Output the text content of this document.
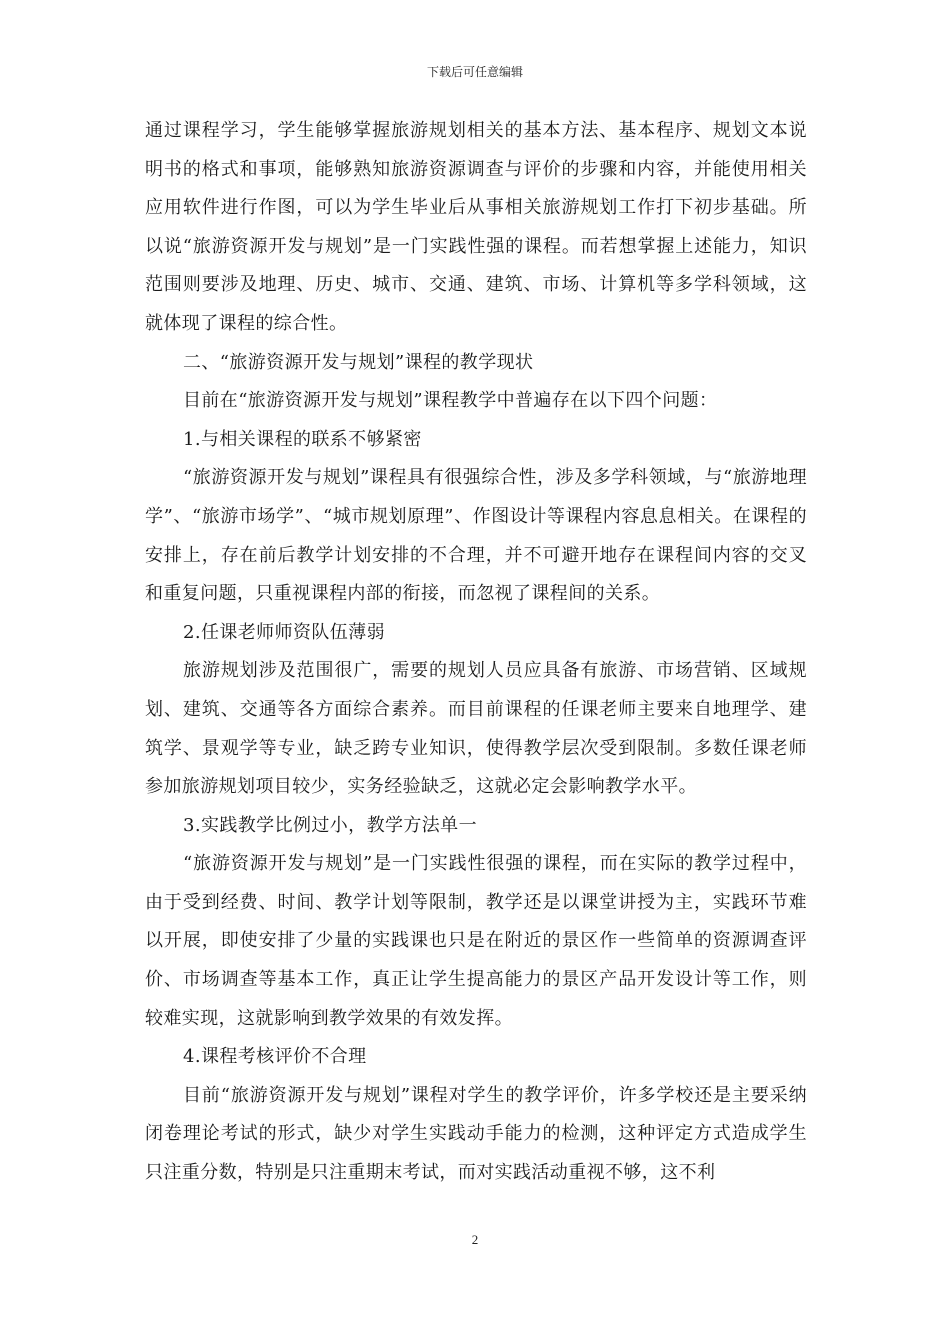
下载后可任意编辑

通过课程学习，学生能够掌握旅游规划相关的基本方法、基本程序、规划文本说明书的格式和事项，能够熟知旅游资源调查与评价的步骤和内容，并能使用相关应用软件进行作图，可以为学生毕业后从事相关旅游规划工作打下初步基础。所以说“旅游资源开发与规划”是一门实践性强的课程。而若想掌握上述能力，知识范围则要涉及地理、历史、城市、交通、建筑、市场、计算机等多学科领域，这就体现了课程的综合性。

二、“旅游资源开发与规划”课程的教学现状

目前在“旅游资源开发与规划”课程教学中普遍存在以下四个问题：

1.与相关课程的联系不够紧密

“旅游资源开发与规划”课程具有很强综合性，涉及多学科领域，与“旅游地理学”、“旅游市场学”、“城市规划原理”、作图设计等课程内容息息相关。在课程的安排上，存在前后教学计划安排的不合理，并不可避开地存在课程间内容的交叉和重复问题，只重视课程内部的衔接，而忽视了课程间的关系。

2.任课老师师资队伍薄弱

旅游规划涉及范围很广，需要的规划人员应具备有旅游、市场营销、区域规划、建筑、交通等各方面综合素养。而目前课程的任课老师主要来自地理学、建筑学、景观学等专业，缺乏跨专业知识，使得教学层次受到限制。多数任课老师参加旅游规划项目较少，实务经验缺乏，这就必定会影响教学水平。

3.实践教学比例过小，教学方法单一

“旅游资源开发与规划”是一门实践性很强的课程，而在实际的教学过程中，由于受到经费、时间、教学计划等限制，教学还是以课堂讲授为主，实践环节难以开展，即使安排了少量的实践课也只是在附近的景区作一些简单的资源调查评价、市场调查等基本工作，真正让学生提高能力的景区产品开发设计等工作，则较难实现，这就影响到教学效果的有效发挥。

4.课程考核评价不合理

目前“旅游资源开发与规划”课程对学生的教学评价，许多学校还是主要采纳闭卷理论考试的形式，缺少对学生实践动手能力的检测，这种评定方式造成学生只注重分数，特别是只注重期末考试，而对实践活动重视不够，这不利

2
